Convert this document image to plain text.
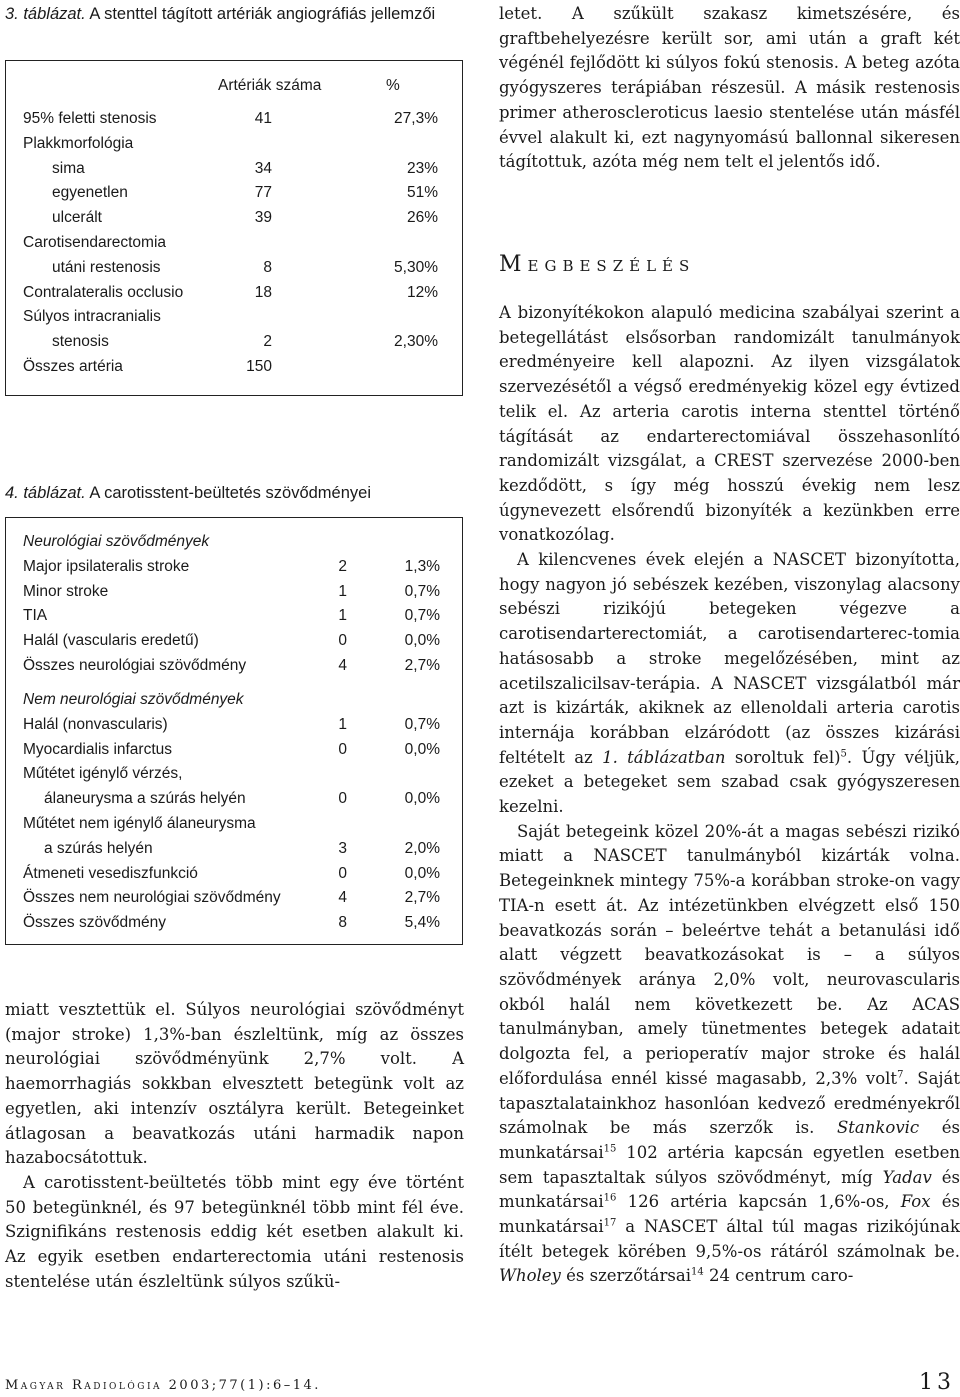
3. táblázat. A stenttel tágított artériák angiográfiás jellemzői
Artériák száma	%
95% feletti stenosis	41	27,3%
Plakkmorfológia
sima	34	23%
egyenetlen	77	51%
ulcerált	39	26%
Carotisendarectomia
utáni restenosis	8	5,30%
Contralateralis occlusio	18	12%
Súlyos intracranialis
stenosis	2	2,30%
Összes artéria	150
4. táblázat. A carotisstent-beültetés szövődményei
Neurológiai szövődmények
Major ipsilateralis stroke	2	1,3%
Minor stroke	1	0,7%
TIA	1	0,7%
Halál (vascularis eredetű)	0	0,0%
Összes neurológiai szövődmény	4	2,7%
Nem neurológiai szövődmények
Halál (nonvascularis)	1	0,7%
Myocardialis infarctus	0	0,0%
Műtétet igénylő vérzés,
álaneurysma a szúrás helyén	0	0,0%
Műtétet nem igénylő álaneurysma
a szúrás helyén	3	2,0%
Átmeneti vesediszfunkció	0	0,0%
Összes nem neurológiai szövődmény	4	2,7%
Összes szövődmény	8	5,4%

miatt vesztettük el. Súlyos neurológiai szövődményt (major stroke) 1,3%-ban észleltünk, míg az összes neurológiai szövődményünk 2,7% volt. A haemorrhagiás sokkban elvesztett betegünk volt az egyetlen, aki intenzív osztályra került. Betegeinket átlagosan a beavatkozás utáni harmadik napon hazabocsátottuk.

A carotisstent-beültetés több mint egy éve történt 50 betegünknél, és 97 betegünknél több mint fél éve. Szignifikáns restenosis eddig két esetben alakult ki. Az egyik esetben endarterectomia utáni restenosis stentelése után észleltünk súlyos szűkü-

letet. A szűkült szakasz kimetszésére, és graftbehelyezésre került sor, ami után a graft két végénél fejlődött ki súlyos fokú stenosis. A beteg azóta gyógyszeres terápiában részesül. A másik restenosis primer atheroscleroticus laesio stentelése után másfél évvel alakult ki, ezt nagynyomású ballonnal sikeresen tágítottuk, azóta még nem telt el jelentős idő.

Megbeszélés

A bizonyítékokon alapuló medicina szabályai szerint a betegellátást elsősorban randomizált tanulmányok eredményeire kell alapozni. Az ilyen vizsgálatok szervezésétől a végső eredményekig közel egy évtized telik el. Az arteria carotis interna stenttel történő tágítását az endarterectomiával összehasonlító randomizált vizsgálat, a CREST szervezése 2000-ben kezdődött, s így még hosszú évekig nem lesz úgynevezett elsőrendű bizonyíték a kezünkben erre vonatkozólag.

A kilencvenes évek elején a NASCET bizonyította, hogy nagyon jó sebészek kezében, viszonylag alacsony sebészi rizikójú betegeken végezve a carotisendarterectomiát, a carotisendarterec-tomia hatásosabb a stroke megelőzésében, mint az acetilszalicilsav-terápia. A NASCET vizsgálatból már azt is kizárták, akiknek az ellenoldali arteria carotis internája korábban elzáródott (az összes kizárási feltételt az 1. táblázatban soroltuk fel)$^5$. Úgy véljük, ezeket a betegeket sem szabad csak gyógyszeresen kezelni.

Saját betegeink közel 20%-át a magas sebészi rizikó miatt a NASCET tanulmányból kizárták volna. Betegeinknek mintegy 75%-a korábban stroke-on vagy TIA-n esett át. Az intézetünkben elvégzett első 150 beavatkozás során – beleértve tehát a betanulási idő alatt végzett beavatkozásokat is – a súlyos szövődmények aránya 2,0% volt, neurovascularis okból halál nem következett be. Az ACAS tanulmányban, amely tünetmentes betegek adatait dolgozta fel, a perioperatív major stroke és halál előfordulása ennél kissé magasabb, 2,3% volt$^7$. Saját tapasztalatainkhoz hasonlóan kedvező eredményekről számolnak be más szerzők is. Stankovic és munkatársai$^{15}$ 102 artéria kapcsán egyetlen esetben sem tapasztaltak súlyos szövődményt, míg Yadav és munkatársai$^{16}$ 126 artéria kapcsán 1,6%-os, Fox és munkatársai$^{17}$ a NASCET által túl magas rizikójúnak ítélt betegek körében 9,5%-os rátáról számolnak be. Wholey és szerzőtársai$^{14}$ 24 centrum caro-

Magyar Radiológia 2003;77(1):6–14.	13
